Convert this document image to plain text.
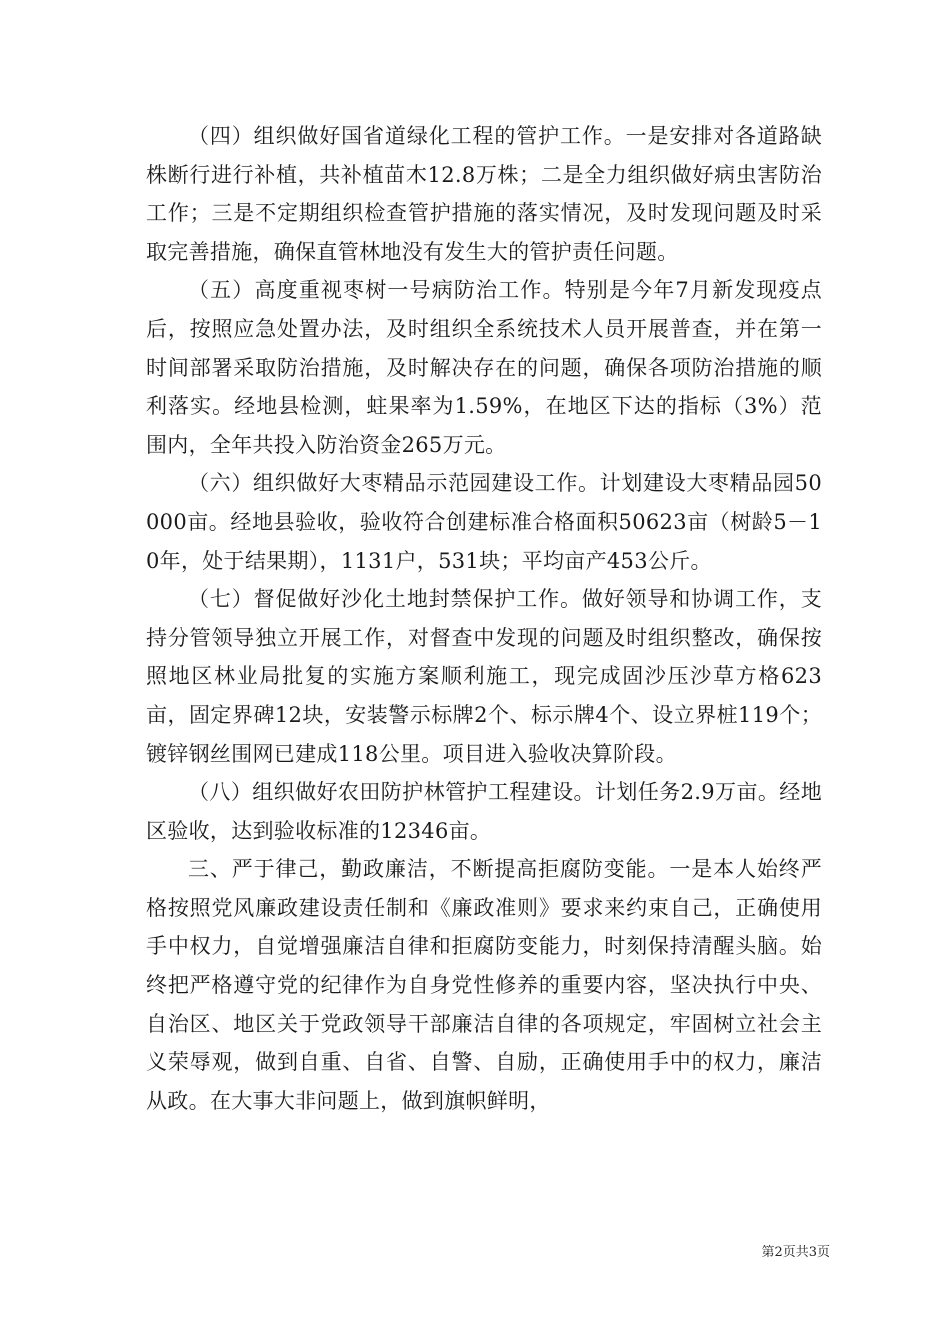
（四）组织做好国省道绿化工程的管护工作。一是安排对各道路缺株断行进行补植，共补植苗木12.8万株；二是全力组织做好病虫害防治工作；三是不定期组织检查管护措施的落实情况，及时发现问题及时采取完善措施，确保直管林地没有发生大的管护责任问题。

（五）高度重视枣树一号病防治工作。特别是今年7月新发现疫点后，按照应急处置办法，及时组织全系统技术人员开展普查，并在第一时间部署采取防治措施，及时解决存在的问题，确保各项防治措施的顺利落实。经地县检测，蛀果率为1.59%，在地区下达的指标（3%）范围内，全年共投入防治资金265万元。

（六）组织做好大枣精品示范园建设工作。计划建设大枣精品园50000亩。经地县验收，验收符合创建标准合格面积50623亩（树龄5－10年，处于结果期），1131户，531块；平均亩产453公斤。

（七）督促做好沙化土地封禁保护工作。做好领导和协调工作，支持分管领导独立开展工作，对督查中发现的问题及时组织整改，确保按照地区林业局批复的实施方案顺利施工，现完成固沙压沙草方格623亩，固定界碑12块，安装警示标牌2个、标示牌4个、设立界桩119个；镀锌钢丝围网已建成118公里。项目进入验收决算阶段。

（八）组织做好农田防护林管护工程建设。计划任务2.9万亩。经地区验收，达到验收标准的12346亩。

三、严于律己，勤政廉洁，不断提高拒腐防变能。一是本人始终严格按照党风廉政建设责任制和《廉政准则》要求来约束自己，正确使用手中权力，自觉增强廉洁自律和拒腐防变能力，时刻保持清醒头脑。始终把严格遵守党的纪律作为自身党性修养的重要内容，坚决执行中央、自治区、地区关于党政领导干部廉洁自律的各项规定，牢固树立社会主义荣辱观，做到自重、自省、自警、自励，正确使用手中的权力，廉洁从政。在大事大非问题上，做到旗帜鲜明，

第2页共3页
